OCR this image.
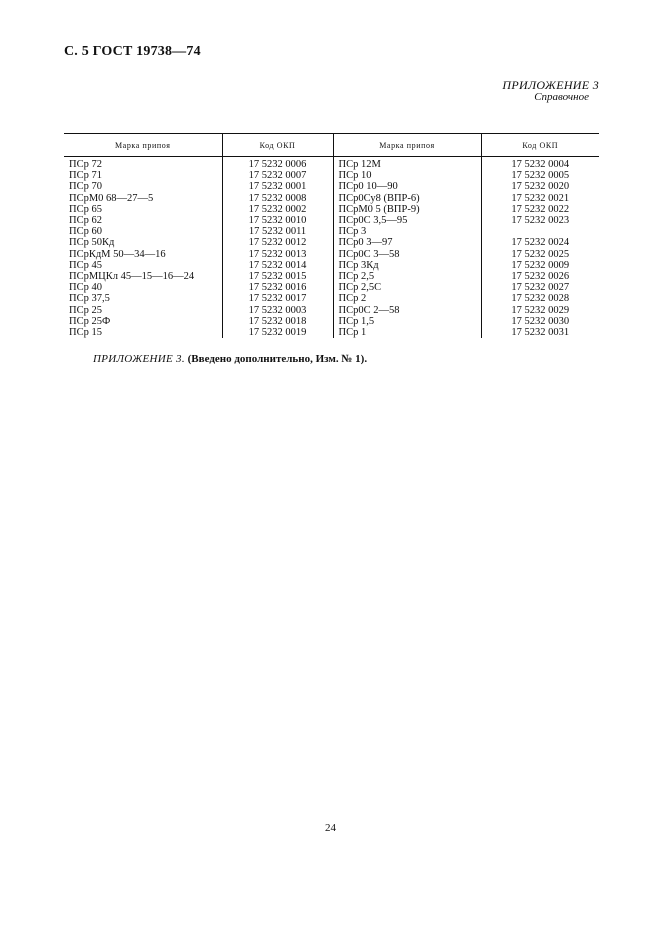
С. 5 ГОСТ 19738—74
ПРИЛОЖЕНИЕ 3
Справочное
Марка припоя	Код ОКП	Марка припоя	Код ОКП
ПСр 72	17 5232 0006	ПСр 12М	17 5232 0004
ПСр 71	17 5232 0007	ПСр 10	17 5232 0005
ПСр 70	17 5232 0001	ПСр0 10—90	17 5232 0020
ПСрМ0 68—27—5	17 5232 0008	ПСр0Су8 (ВПР-6)	17 5232 0021
ПСр 65	17 5232 0002	ПСрМ0 5 (ВПР-9)	17 5232 0022
ПСр 62	17 5232 0010	ПСр0С 3,5—95	17 5232 0023
ПСр 60	17 5232 0011	ПСр 3	
ПСр 50Кд	17 5232 0012	ПСр0 3—97	17 5232 0024
ПСрКдМ 50—34—16	17 5232 0013	ПСр0С 3—58	17 5232 0025
ПСр 45	17 5232 0014	ПСр 3Кд	17 5232 0009
ПСрМЦКл 45—15—16—24	17 5232 0015	ПСр 2,5	17 5232 0026
ПСр 40	17 5232 0016	ПСр 2,5С	17 5232 0027
ПСр 37,5	17 5232 0017	ПСр 2	17 5232 0028
ПСр 25	17 5232 0003	ПСр0С 2—58	17 5232 0029
ПСр 25Ф	17 5232 0018	ПСр 1,5	17 5232 0030
ПСр 15	17 5232 0019	ПСр 1	17 5232 0031
ПРИЛОЖЕНИЕ 3. (Введено дополнительно, Изм. № 1).
24
